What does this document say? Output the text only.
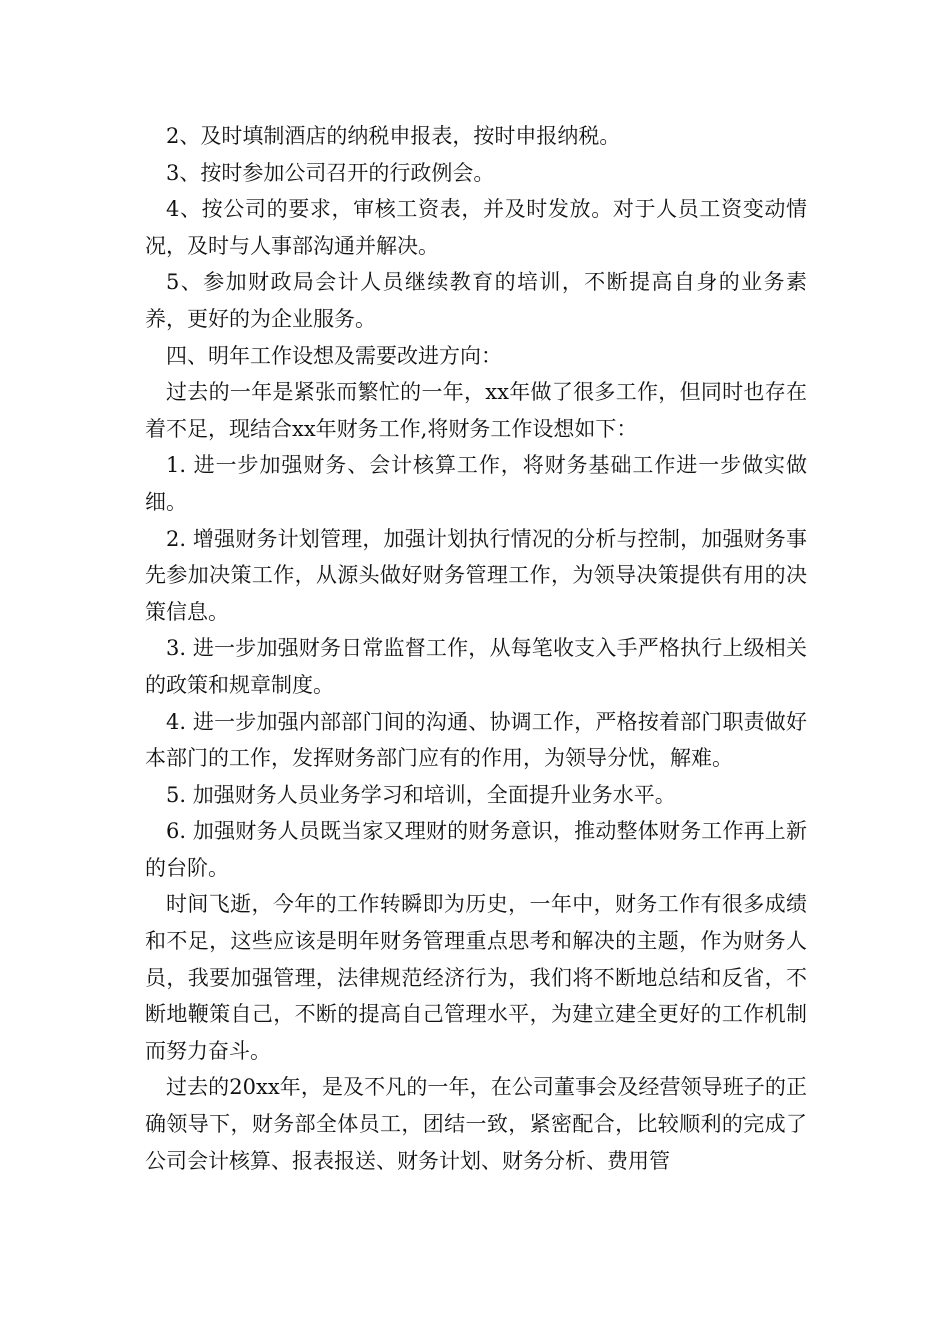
2、及时填制酒店的纳税申报表，按时申报纳税。

3、按时参加公司召开的行政例会。

4、按公司的要求，审核工资表，并及时发放。对于人员工资变动情况，及时与人事部沟通并解决。

5、参加财政局会计人员继续教育的培训，不断提高自身的业务素养，更好的为企业服务。

四、明年工作设想及需要改进方向：

过去的一年是紧张而繁忙的一年，xx年做了很多工作，但同时也存在着不足，现结合xx年财务工作,将财务工作设想如下：

1. 进一步加强财务、会计核算工作，将财务基础工作进一步做实做细。

2. 增强财务计划管理，加强计划执行情况的分析与控制，加强财务事先参加决策工作，从源头做好财务管理工作，为领导决策提供有用的决策信息。

3. 进一步加强财务日常监督工作，从每笔收支入手严格执行上级相关的政策和规章制度。

4. 进一步加强内部部门间的沟通、协调工作，严格按着部门职责做好本部门的工作，发挥财务部门应有的作用，为领导分忧，解难。

5. 加强财务人员业务学习和培训，全面提升业务水平。

6. 加强财务人员既当家又理财的财务意识，推动整体财务工作再上新的台阶。

时间飞逝，今年的工作转瞬即为历史，一年中，财务工作有很多成绩和不足，这些应该是明年财务管理重点思考和解决的主题，作为财务人员，我要加强管理，法律规范经济行为，我们将不断地总结和反省，不断地鞭策自己，不断的提高自己管理水平，为建立建全更好的工作机制而努力奋斗。

过去的20xx年，是及不凡的一年，在公司董事会及经营领导班子的正确领导下，财务部全体员工，团结一致，紧密配合，比较顺利的完成了公司会计核算、报表报送、财务计划、财务分析、费用管
